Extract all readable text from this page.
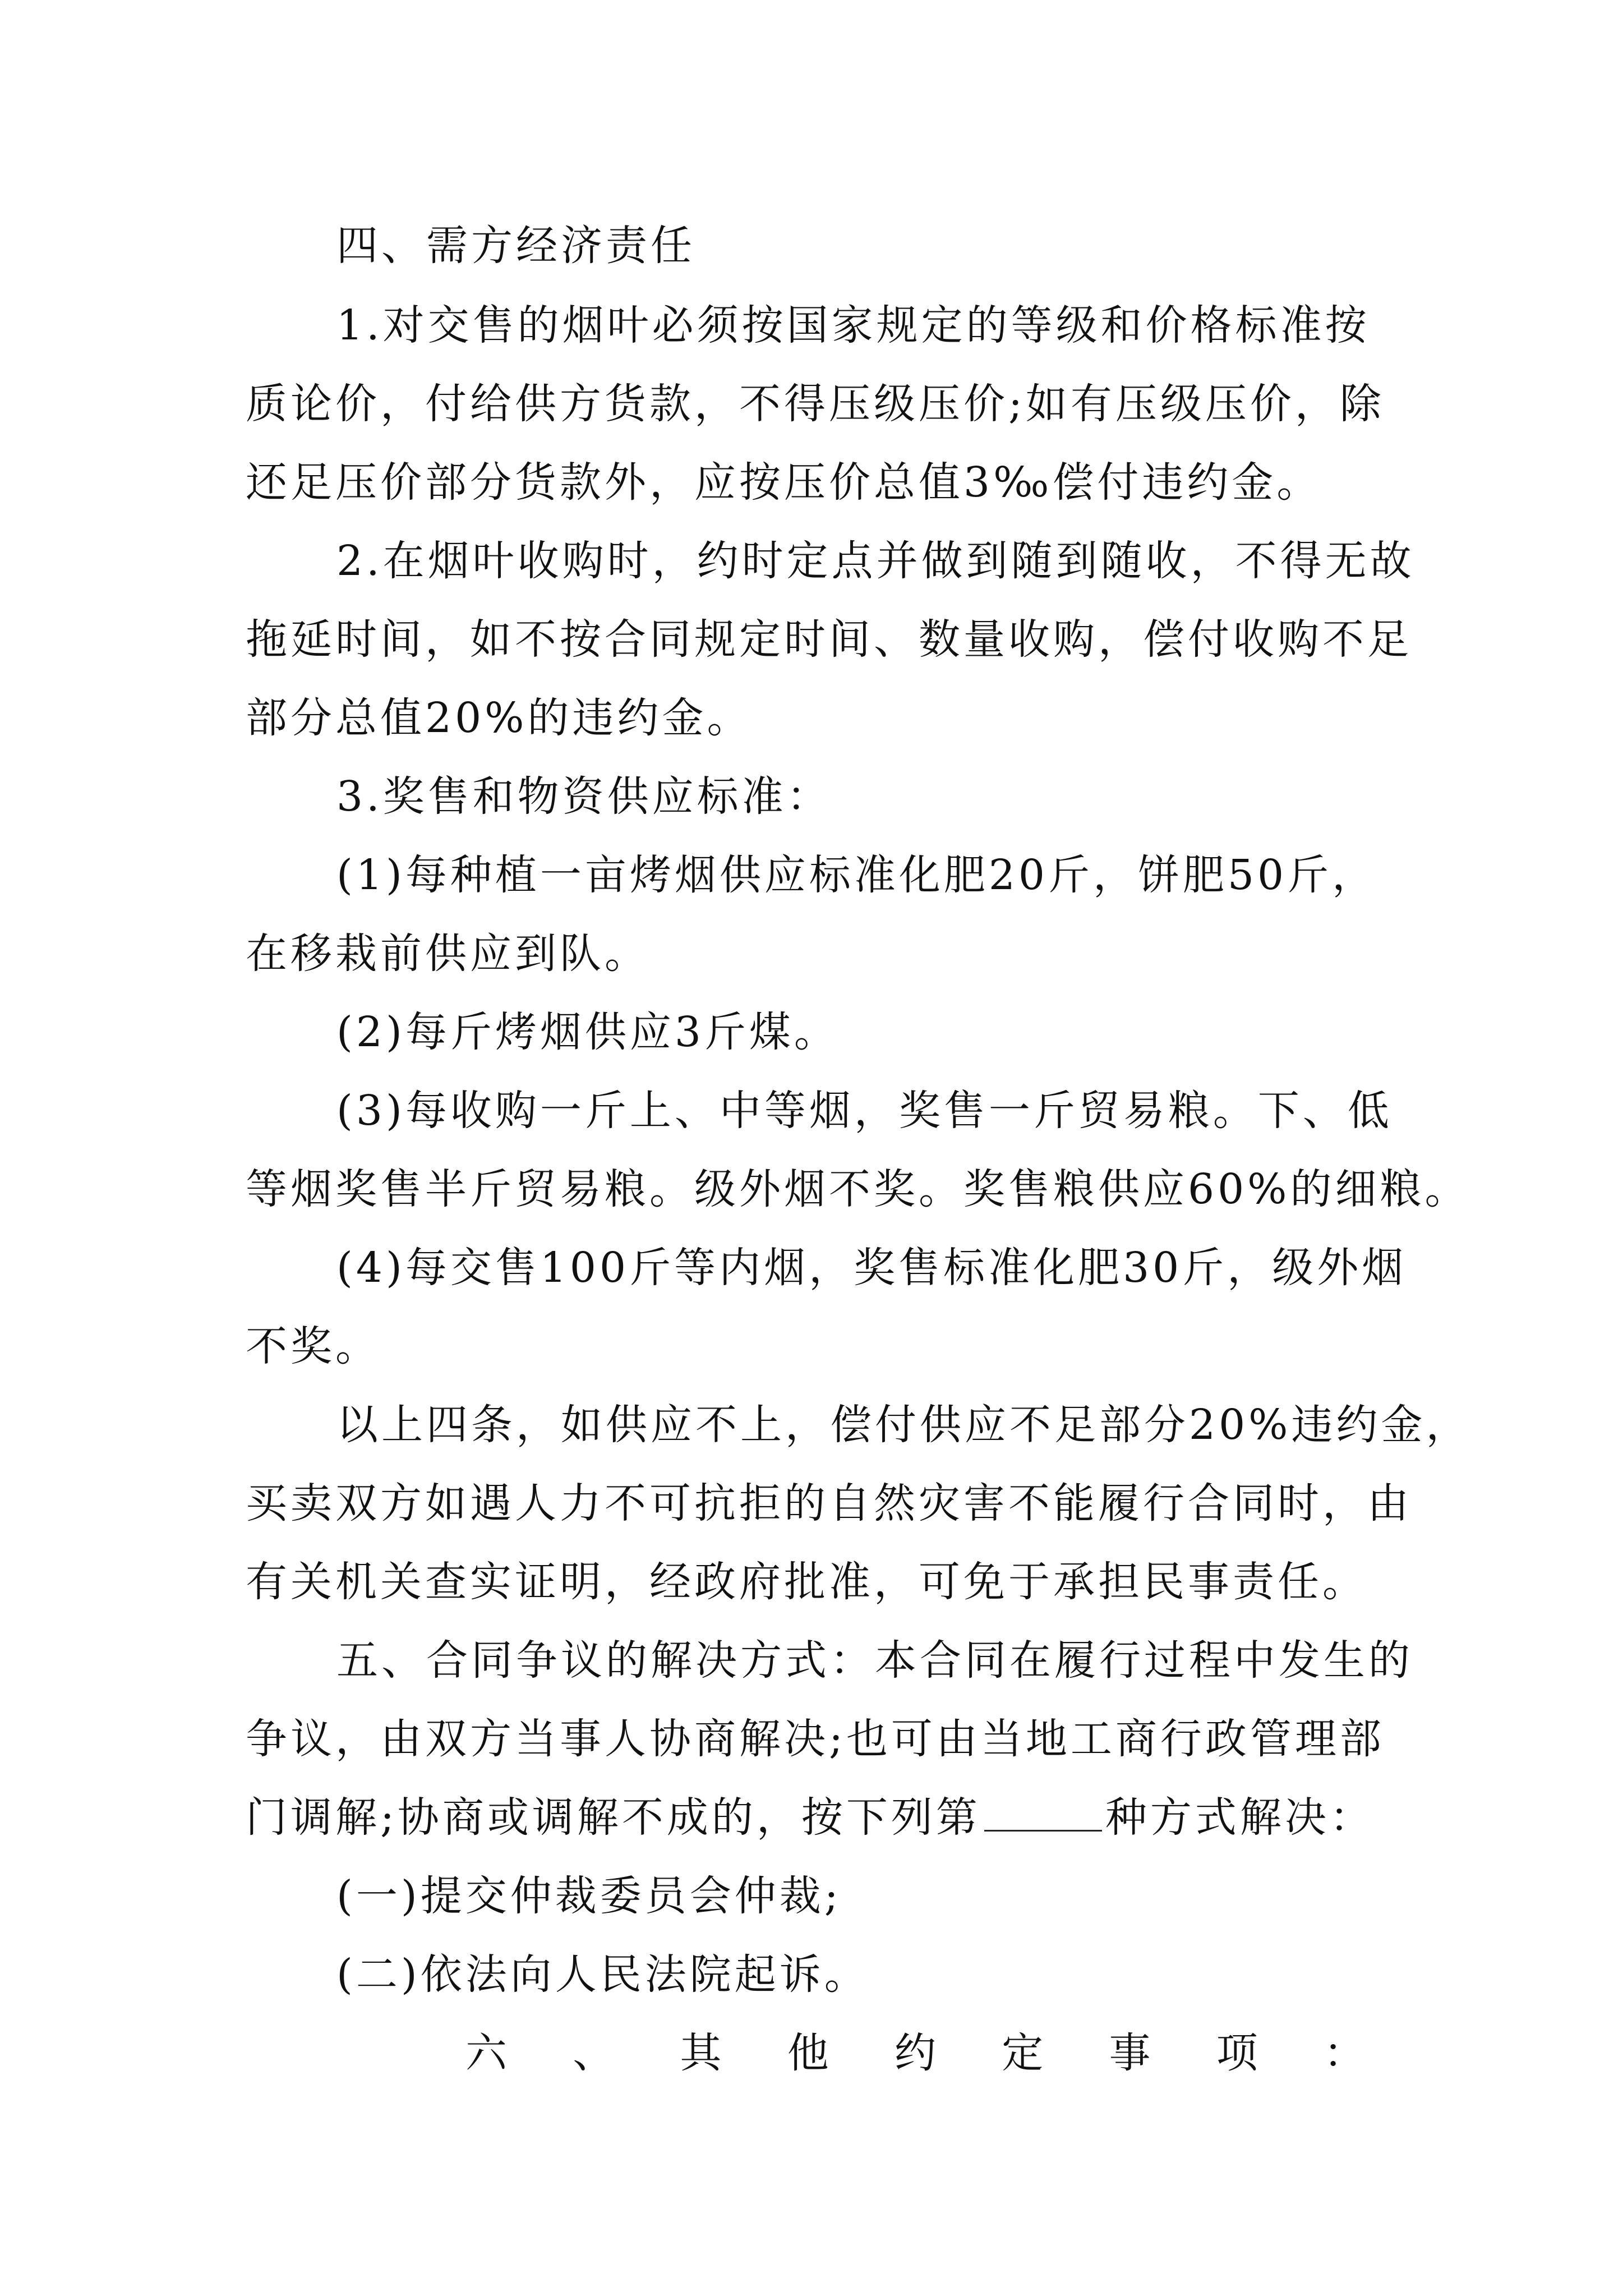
四、需方经济责任
1.对交售的烟叶必须按国家规定的等级和价格标准按
质论价，付给供方货款，不得压级压价;如有压级压价，除
还足压价部分货款外，应按压价总值3‰偿付违约金。
2.在烟叶收购时，约时定点并做到随到随收，不得无故
拖延时间，如不按合同规定时间、数量收购，偿付收购不足
部分总值20%的违约金。
3.奖售和物资供应标准：
(1)每种植一亩烤烟供应标准化肥20斤，饼肥50斤，
在移栽前供应到队。
(2)每斤烤烟供应3斤煤。
(3)每收购一斤上、中等烟，奖售一斤贸易粮。下、低
等烟奖售半斤贸易粮。级外烟不奖。奖售粮供应60%的细粮。
(4)每交售100斤等内烟，奖售标准化肥30斤，级外烟
不奖。
以上四条，如供应不上，偿付供应不足部分20%违约金，
买卖双方如遇人力不可抗拒的自然灾害不能履行合同时，由
有关机关查实证明，经政府批准，可免于承担民事责任。
五、合同争议的解决方式：本合同在履行过程中发生的
争议，由双方当事人协商解决;也可由当地工商行政管理部
门调解;协商或调解不成的，按下列第	种方式解决：
(一)提交仲裁委员会仲裁;
(二)依法向人民法院起诉。
六 、 其 他 约 定 事 项 ：
